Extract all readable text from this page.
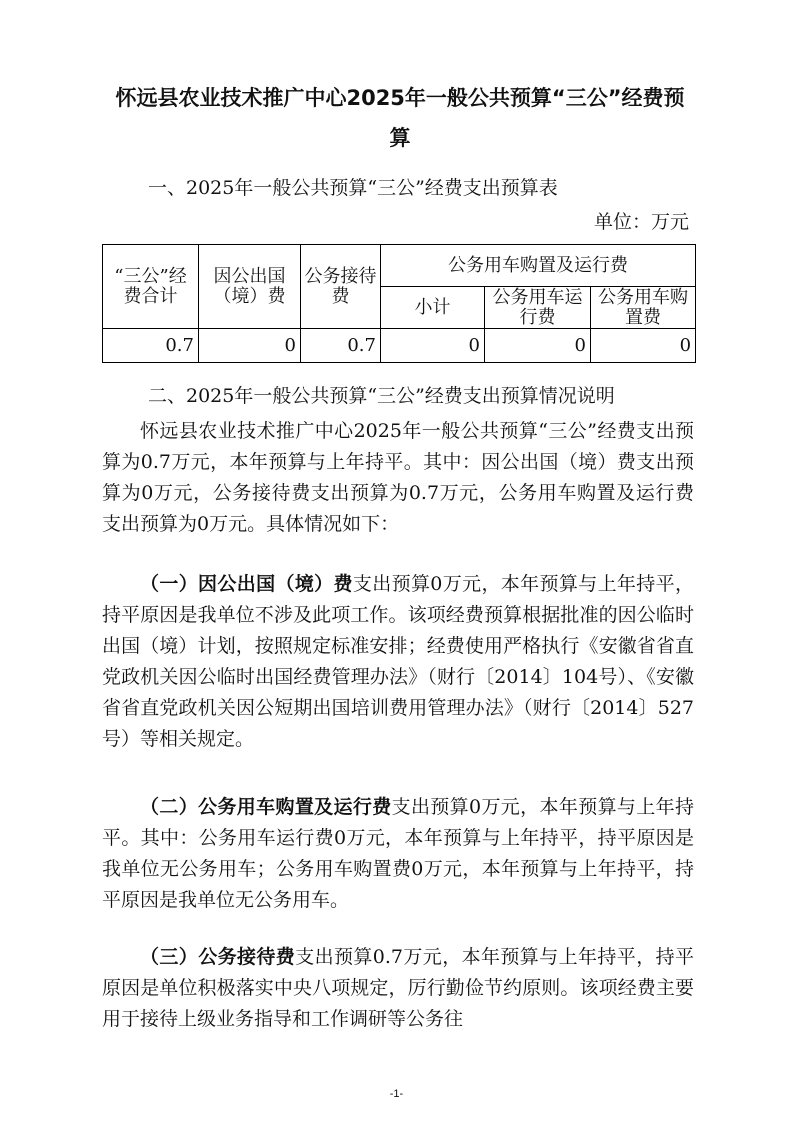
怀远县农业技术推广中心2025年一般公共预算“三公”经费预
算
一、2025年一般公共预算“三公”经费支出预算表
单位：万元
“三公”经费合计	因公出国（境）费	公务接待费	公务用车购置及运行费		
			小计	公务用车运行费	公务用车购置费
0.7	0	0.7	0	0	0
二、2025年一般公共预算“三公”经费支出预算情况说明

怀远县农业技术推广中心2025年一般公共预算“三公”经费支出预算为0.7万元，本年预算与上年持平。其中：因公出国（境）费支出预算为0万元，公务接待费支出预算为0.7万元，公务用车购置及运行费支出预算为0万元。具体情况如下：

（一）因公出国（境）费支出预算0万元，本年预算与上年持平，持平原因是我单位不涉及此项工作。该项经费预算根据批准的因公临时出国（境）计划，按照规定标准安排；经费使用严格执行《安徽省省直党政机关因公临时出国经费管理办法》（财行〔2014〕104号）、《安徽省省直党政机关因公短期出国培训费用管理办法》（财行〔2014〕527号）等相关规定。

（二）公务用车购置及运行费支出预算0万元，本年预算与上年持平。其中：公务用车运行费0万元，本年预算与上年持平，持平原因是我单位无公务用车；公务用车购置费0万元，本年预算与上年持平，持平原因是我单位无公务用车。

（三）公务接待费支出预算0.7万元，本年预算与上年持平，持平原因是单位积极落实中央八项规定，厉行勤俭节约原则。该项经费主要用于接待上级业务指导和工作调研等公务往

-1-
